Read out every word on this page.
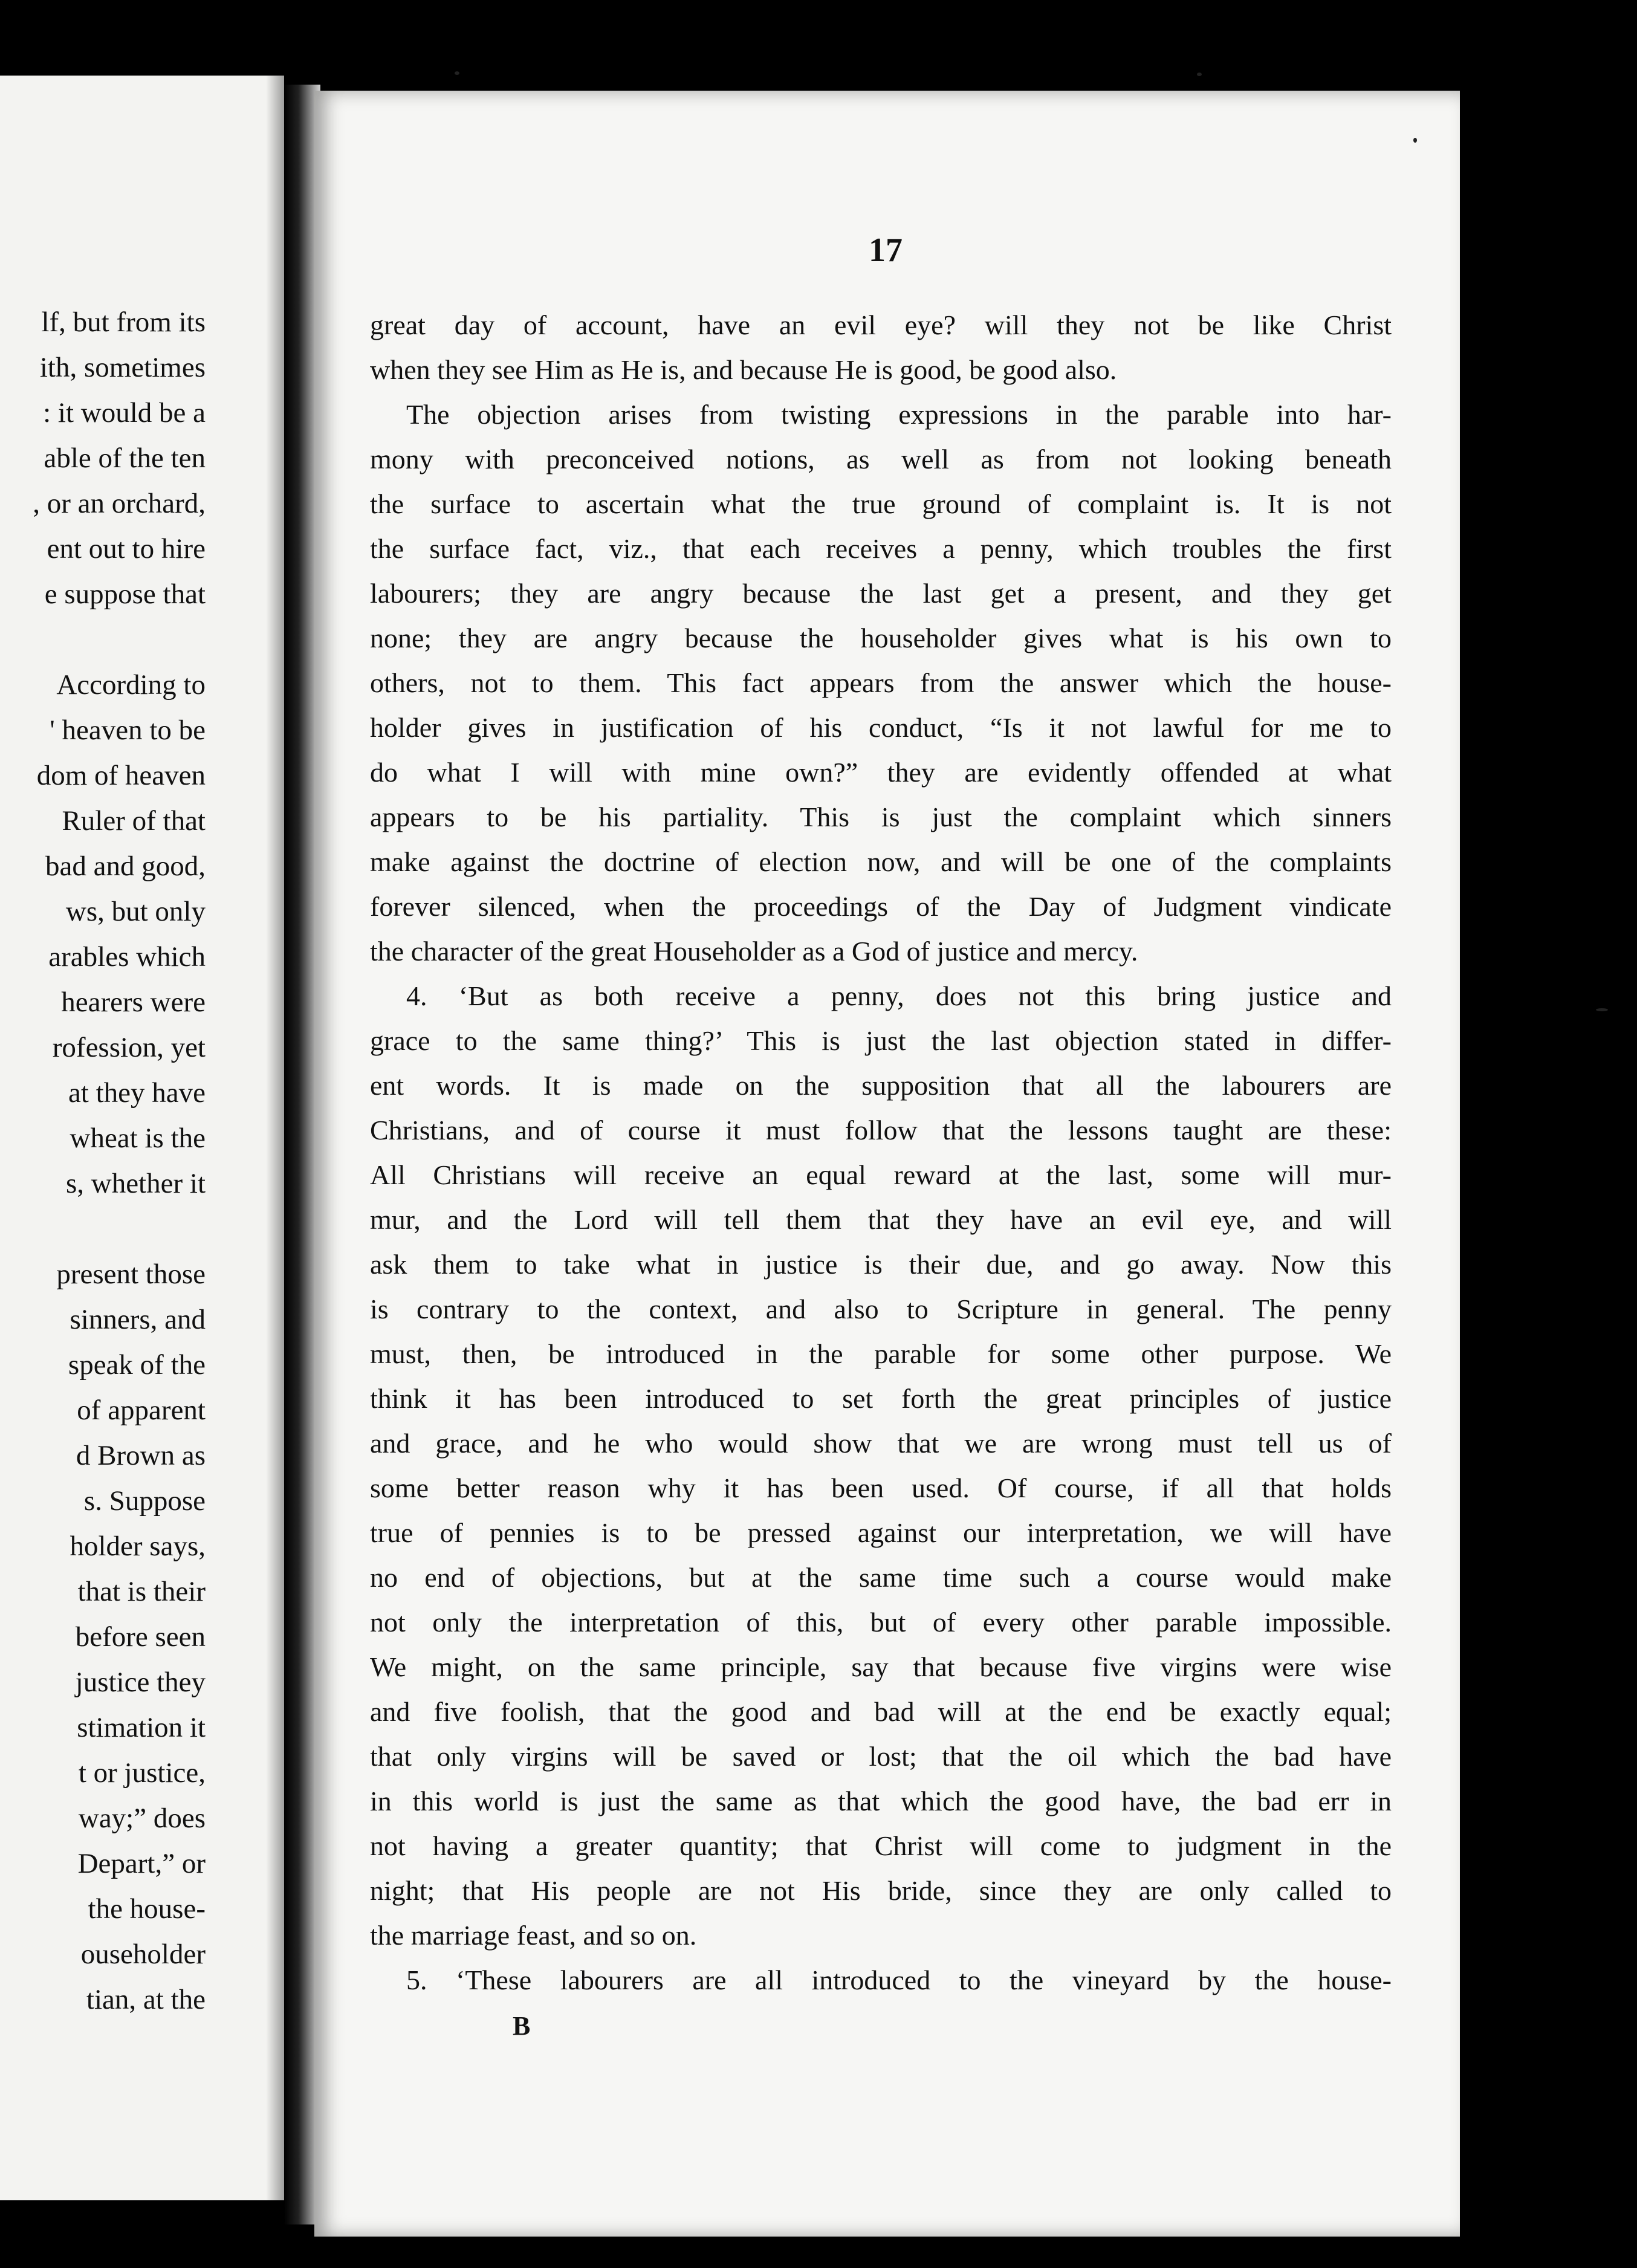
lf, but from its
ith, sometimes
: it would be a
able of the ten
, or an orchard,
ent out to hire
e suppose that
According to
' heaven to be
dom of heaven
Ruler of that
bad and good,
ws, but only
arables which
hearers were
rofession, yet
at they have
wheat is the
s, whether it
present those
sinners, and
speak of the
of apparent
d Brown as
s. Suppose
holder says,
that is their
before seen
justice they
stimation it
t or justice,
way;” does
Depart,” or
the house-
ouseholder
tian, at the
17
great day of account, have an evil eye? will they not be like Christ
when they see Him as He is, and because He is good, be good also.
The objection arises from twisting expressions in the parable into har-
mony with preconceived notions, as well as from not looking beneath
the surface to ascertain what the true ground of complaint is. It is not
the surface fact, viz., that each receives a penny, which troubles the first
labourers; they are angry because the last get a present, and they get
none; they are angry because the householder gives what is his own to
others, not to them. This fact appears from the answer which the house-
holder gives in justification of his conduct, “Is it not lawful for me to
do what I will with mine own?” they are evidently offended at what
appears to be his partiality. This is just the complaint which sinners
make against the doctrine of election now, and will be one of the complaints
forever silenced, when the proceedings of the Day of Judgment vindicate
the character of the great Householder as a God of justice and mercy.
4. ‘But as both receive a penny, does not this bring justice and
grace to the same thing?’ This is just the last objection stated in differ-
ent words. It is made on the supposition that all the labourers are
Christians, and of course it must follow that the lessons taught are these:
All Christians will receive an equal reward at the last, some will mur-
mur, and the Lord will tell them that they have an evil eye, and will
ask them to take what in justice is their due, and go away. Now this
is contrary to the context, and also to Scripture in general. The penny
must, then, be introduced in the parable for some other purpose. We
think it has been introduced to set forth the great principles of justice
and grace, and he who would show that we are wrong must tell us of
some better reason why it has been used. Of course, if all that holds
true of pennies is to be pressed against our interpretation, we will have
no end of objections, but at the same time such a course would make
not only the interpretation of this, but of every other parable impossible.
We might, on the same principle, say that because five virgins were wise
and five foolish, that the good and bad will at the end be exactly equal;
that only virgins will be saved or lost; that the oil which the bad have
in this world is just the same as that which the good have, the bad err in
not having a greater quantity; that Christ will come to judgment in the
night; that His people are not His bride, since they are only called to
the marriage feast, and so on.
5. ‘These labourers are all introduced to the vineyard by the house-
B
